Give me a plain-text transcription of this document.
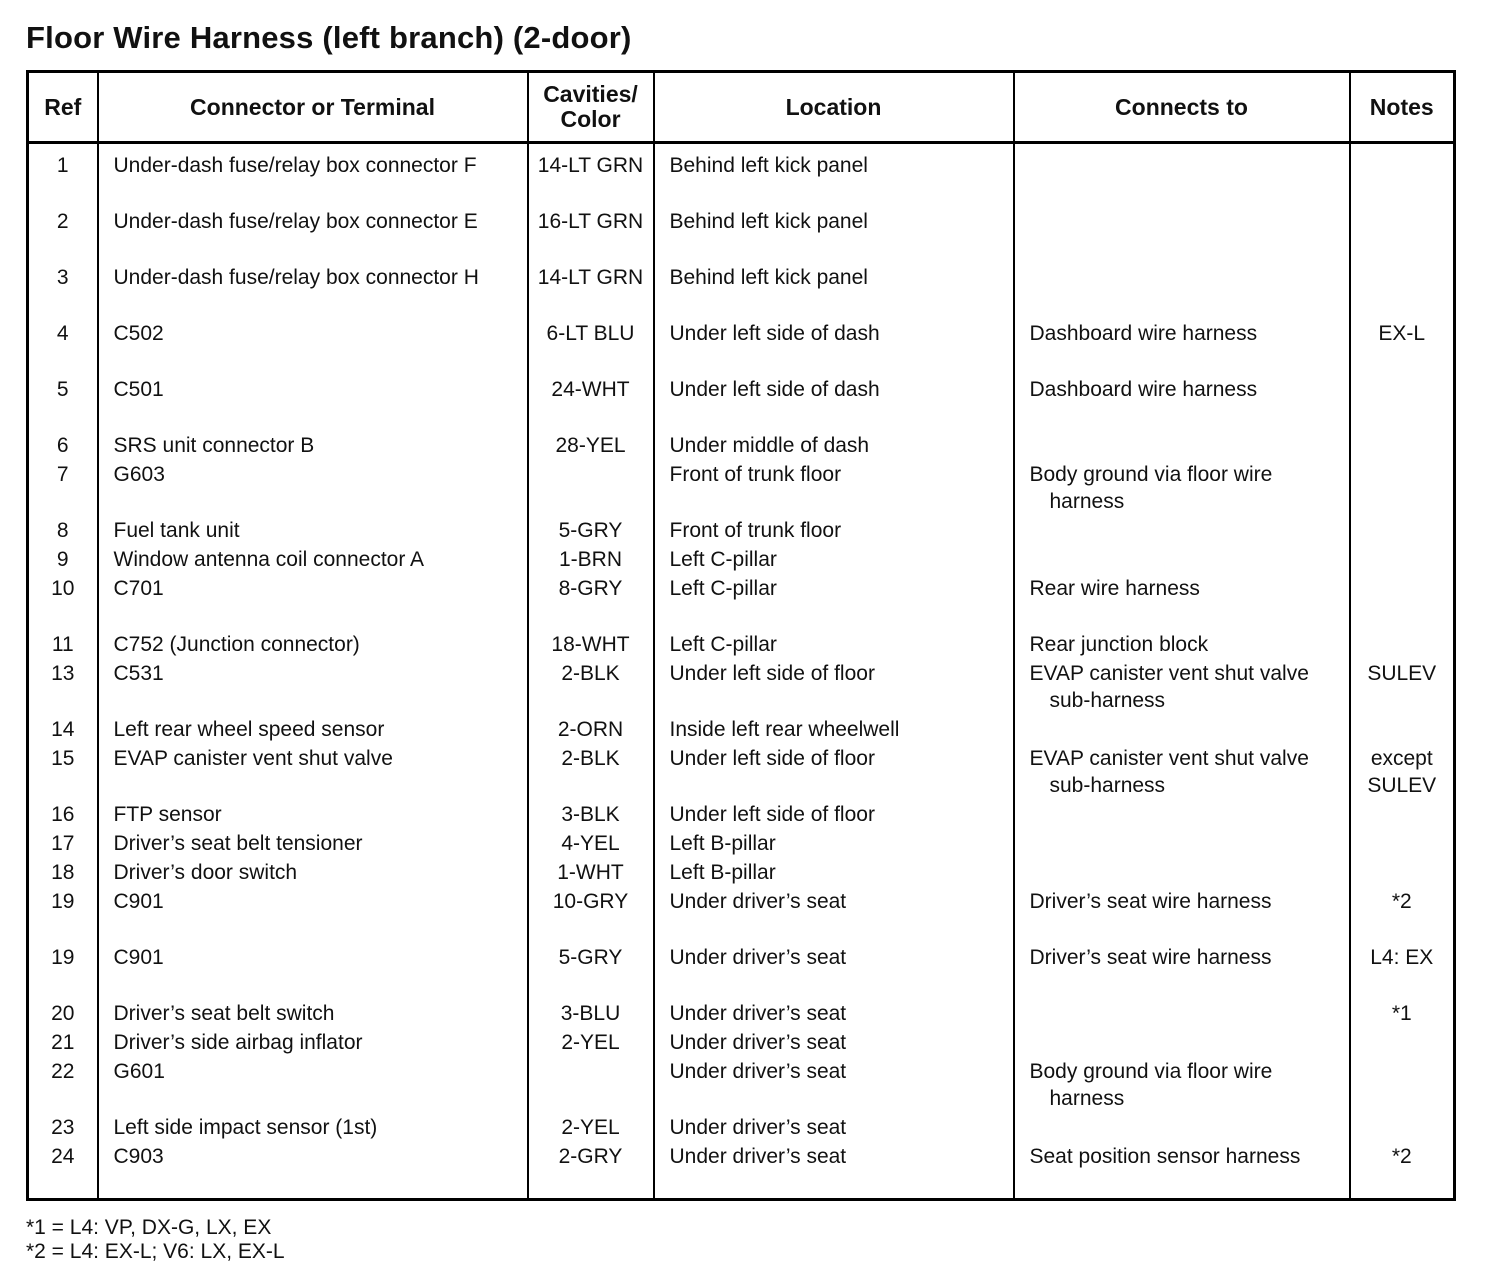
Floor Wire Harness (left branch) (2-door)
Ref	Connector or Terminal	Cavities/ Color	Location	Connects to	Notes
1	Under-dash fuse/relay box connector F	14-LT GRN	Behind left kick panel	

2	Under-dash fuse/relay box connector E	16-LT GRN	Behind left kick panel	

3	Under-dash fuse/relay box connector H	14-LT GRN	Behind left kick panel	

4	C502	6-LT BLU	Under left side of dash	Dashboard wire harness	EX-L
5	C501	24-WHT	Under left side of dash	Dashboard wire harness	

6	SRS unit connector B	28-YEL	Under middle of dash	

7	G603		Front of trunk floor	Body ground via floor wire harness	

8	Fuel tank unit	5-GRY	Front of trunk floor	

9	Window antenna coil connector A	1-BRN	Left C-pillar	

10	C701	8-GRY	Left C-pillar	Rear wire harness	

11	C752 (Junction connector)	18-WHT	Left C-pillar	Rear junction block	

13	C531	2-BLK	Under left side of floor	EVAP canister vent shut valve sub-harness	SULEV
14	Left rear wheel speed sensor	2-ORN	Inside left rear wheelwell	

15	EVAP canister vent shut valve	2-BLK	Under left side of floor	EVAP canister vent shut valve sub-harness	except SULEV
16	FTP sensor	3-BLK	Under left side of floor	

17	Driver’s seat belt tensioner	4-YEL	Left B-pillar	

18	Driver’s door switch	1-WHT	Left B-pillar	

19	C901	10-GRY	Under driver’s seat	Driver’s seat wire harness	*2
19	C901	5-GRY	Under driver’s seat	Driver’s seat wire harness	L4: EX
20	Driver’s seat belt switch	3-BLU	Under driver’s seat		*1
21	Driver’s side airbag inflator	2-YEL	Under driver’s seat	

22	G601		Under driver’s seat	Body ground via floor wire harness	

23	Left side impact sensor (1st)	2-YEL	Under driver’s seat	

24	C903	2-GRY	Under driver’s seat	Seat position sensor harness	*2
*1 = L4: VP, DX-G, LX, EX
*2 = L4: EX-L; V6: LX, EX-L
